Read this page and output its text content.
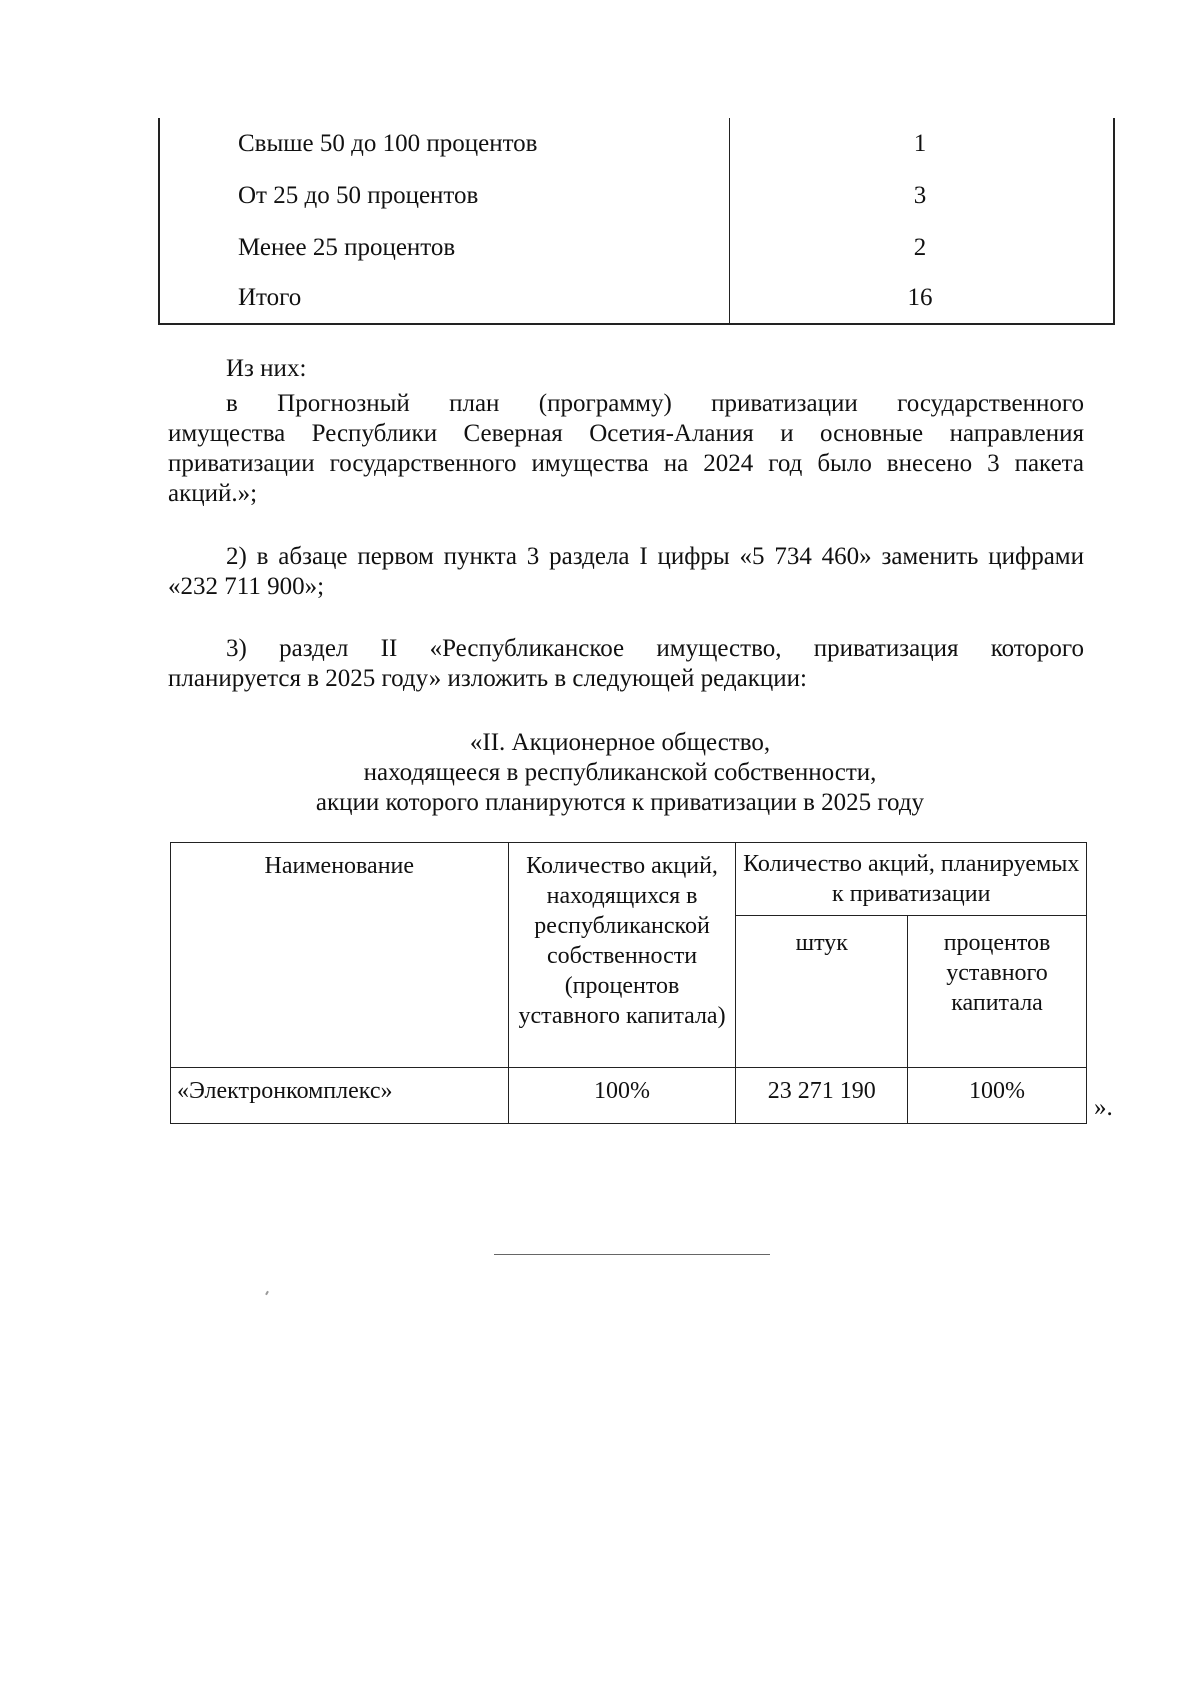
Свыше 50 до 100 процентов	1
От 25 до 50 процентов	3
Менее 25 процентов	2
Итого	16
Из них:
в Прогнозный план (программу) приватизации государственного
имущества Республики Северная Осетия-Алания и основные направления
приватизации государственного имущества на 2024 год было внесено 3 пакета
акций.»;
2) в абзаце первом пункта 3 раздела I цифры «5 734 460» заменить цифрами
«232 711 900»;
3) раздел II «Республиканское имущество, приватизация которого
планируется в 2025 году» изложить в следующей редакции:
«II. Акционерное общество,
находящееся в республиканской собственности,
акции которого планируются к приватизации в 2025 году
Наименование	Количество акций, находящихся в республиканской собственности (процентов уставного капитала)	Количество акций, планируемых к приватизации	
		штук	процентов уставного капитала
«Электронкомплекс»	100%	23 271 190	100%
».
